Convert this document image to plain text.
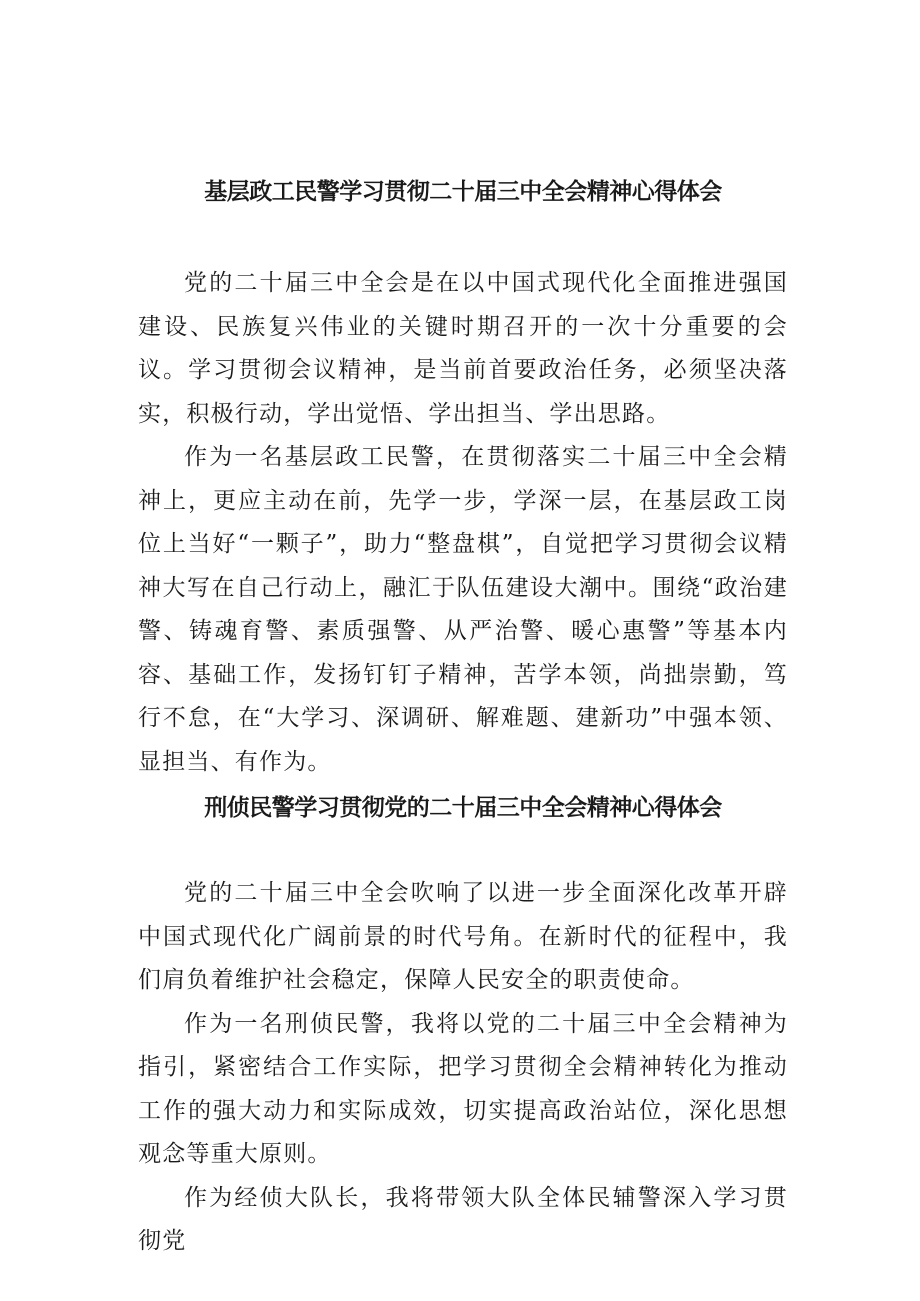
基层政工民警学习贯彻二十届三中全会精神心得体会

党的二十届三中全会是在以中国式现代化全面推进强国建设、民族复兴伟业的关键时期召开的一次十分重要的会议。学习贯彻会议精神，是当前首要政治任务，必须坚决落实，积极行动，学出觉悟、学出担当、学出思路。

作为一名基层政工民警，在贯彻落实二十届三中全会精神上，更应主动在前，先学一步，学深一层，在基层政工岗位上当好“一颗子”，助力“整盘棋”，自觉把学习贯彻会议精神大写在自己行动上，融汇于队伍建设大潮中。围绕“政治建警、铸魂育警、素质强警、从严治警、暖心惠警”等基本内容、基础工作，发扬钉钉子精神，苦学本领，尚拙崇勤，笃行不怠，在“大学习、深调研、解难题、建新功”中强本领、显担当、有作为。

刑侦民警学习贯彻党的二十届三中全会精神心得体会

党的二十届三中全会吹响了以进一步全面深化改革开辟中国式现代化广阔前景的时代号角。在新时代的征程中，我们肩负着维护社会稳定，保障人民安全的职责使命。

作为一名刑侦民警，我将以党的二十届三中全会精神为指引，紧密结合工作实际，把学习贯彻全会精神转化为推动工作的强大动力和实际成效，切实提高政治站位，深化思想观念等重大原则。

作为经侦大队长，我将带领大队全体民辅警深入学习贯彻党
